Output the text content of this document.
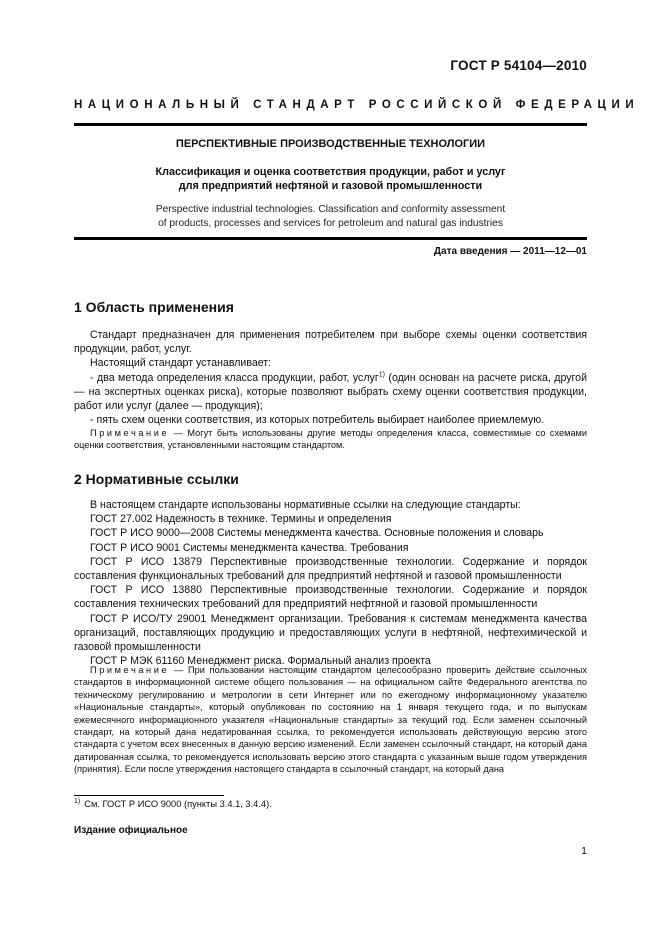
ГОСТ Р 54104—2010
НАЦИОНАЛЬНЫЙ СТАНДАРТ РОССИЙСКОЙ ФЕДЕРАЦИИ
ПЕРСПЕКТИВНЫЕ ПРОИЗВОДСТВЕННЫЕ ТЕХНОЛОГИИ
Классификация и оценка соответствия продукции, работ и услуг
для предприятий нефтяной и газовой промышленности
Perspective industrial technologies. Classification and conformity assessment
of products, processes and services for petroleum and natural gas industries
Дата введения — 2011—12—01
1 Область применения
Стандарт предназначен для применения потребителем при выборе схемы оценки соответствия продукции, работ, услуг.
Настоящий стандарт устанавливает:
- два метода определения класса продукции, работ, услуг$^{1)}$ (один основан на расчете риска, другой — на экспертных оценках риска), которые позволяют выбрать схему оценки соответствия продукции, работ или услуг (далее — продукция);
- пять схем оценки соответствия, из которых потребитель выбирает наиболее приемлемую.
Примечание — Могут быть использованы другие методы определения класса, совместимые со схемами оценки соответствия, установленными настоящим стандартом.
2 Нормативные ссылки
В настоящем стандарте использованы нормативные ссылки на следующие стандарты:
ГОСТ 27.002 Надежность в технике. Термины и определения
ГОСТ Р ИСО 9000—2008 Системы менеджмента качества. Основные положения и словарь
ГОСТ Р ИСО 9001 Системы менеджмента качества. Требования
ГОСТ Р ИСО 13879 Перспективные производственные технологии. Содержание и порядок составления функциональных требований для предприятий нефтяной и газовой промышленности
ГОСТ Р ИСО 13880 Перспективные производственные технологии. Содержание и порядок составления технических требований для предприятий нефтяной и газовой промышленности
ГОСТ Р ИСО/ТУ 29001 Менеджмент организации. Требования к системам менеджмента качества организаций, поставляющих продукцию и предоставляющих услуги в нефтяной, нефтехимической и газовой промышленности
ГОСТ Р МЭК 61160 Менеджмент риска. Формальный анализ проекта
Примечание — При пользовании настоящим стандартом целесообразно проверить действие ссылочных стандартов в информационной системе общего пользования — на официальном сайте Федерального агентства по техническому регулированию и метрологии в сети Интернет или по ежегодному информационному указателю «Национальные стандарты», который опубликован по состоянию на 1 января текущего года, и по выпускам ежемесячного информационного указателя «Национальные стандарты» за текущий год. Если заменен ссылочный стандарт, на который дана недатированная ссылка, то рекомендуется использовать действующую версию этого стандарта с учетом всех внесенных в данную версию изменений. Если заменен ссылочный стандарт, на который дана датированная ссылка, то рекомендуется использовать версию этого стандарта с указанным выше годом утверждения (принятия). Если после утверждения настоящего стандарта в ссылочный стандарт, на который дана
$^{1)}$ См. ГОСТ Р ИСО 9000 (пункты 3.4.1, 3.4.4).
Издание официальное
1
